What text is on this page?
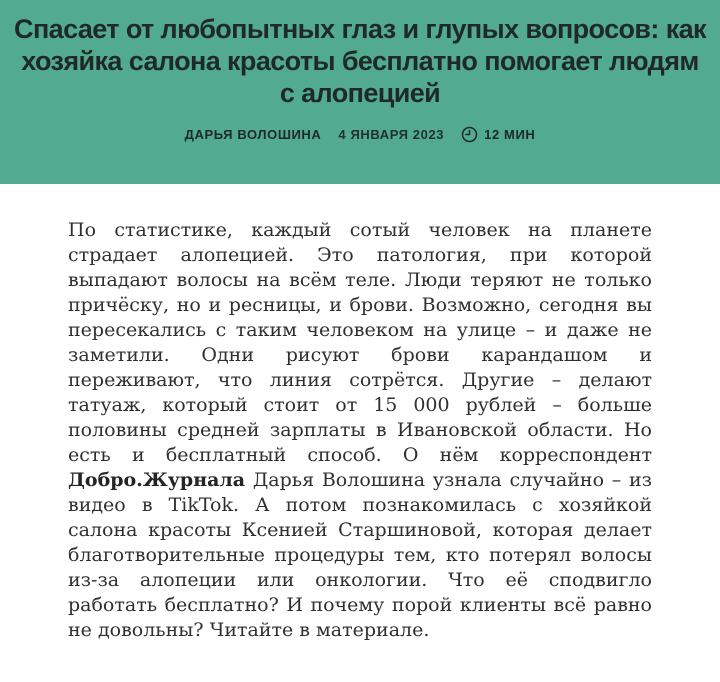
Спасает от любопытных глаз и глупых вопросов: как хозяйка салона красоты бесплатно помогает людям с алопецией
ДАРЬЯ ВОЛОШИНА 4 ЯНВАРЯ 2023	12 МИН

По статистике, каждый сотый человек на планете страдает алопецией. Это патология, при которой выпадают волосы на всём теле. Люди теряют не только причёску, но и ресницы, и брови. Возможно, сегодня вы пересекались с таким человеком на улице – и даже не заметили. Одни рисуют брови карандашом и переживают, что линия сотрётся. Другие – делают татуаж, который стоит от 15 000 рублей – больше половины средней зарплаты в Ивановской области. Но есть и бесплатный способ. О нём корреспондент Добро.Журнала Дарья Волошина узнала случайно – из видео в TikTok. А потом познакомилась с хозяйкой салона красоты Ксенией Старшиновой, которая делает благотворительные процедуры тем, кто потерял волосы из-за алопеции или онкологии. Что её сподвигло работать бесплатно? И почему порой клиенты всё равно не довольны? Читайте в материале.
